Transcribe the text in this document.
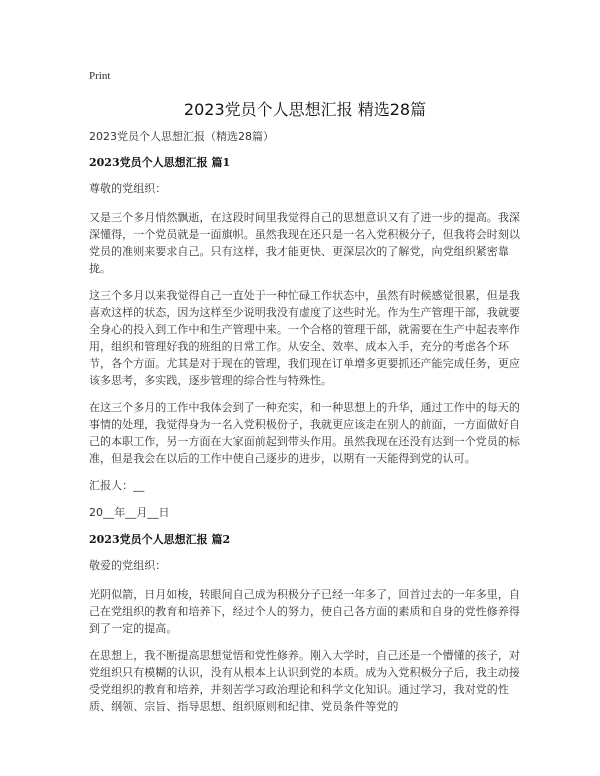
Print
2023党员个人思想汇报 精选28篇

2023党员个人思想汇报（精选28篇）

2023党员个人思想汇报 篇1

尊敬的党组织：

又是三个多月悄然飘逝，在这段时间里我觉得自己的思想意识又有了进一步的提高。我深深懂得，一个党员就是一面旗帜。虽然我现在还只是一名入党积极分子，但我将会时刻以党员的准则来要求自己。只有这样，我才能更快、更深层次的了解党，向党组织紧密靠拢。

这三个多月以来我觉得自己一直处于一种忙碌工作状态中，虽然有时候感觉很累，但是我喜欢这样的状态，因为这样至少说明我没有虚度了这些时光。作为生产管理干部，我就要全身心的投入到工作中和生产管理中来。一个合格的管理干部，就需要在生产中起表率作用，组织和管理好我的班组的日常工作。从安全、效率、成本入手，充分的考虑各个环节，各个方面。尤其是对于现在的管理，我们现在订单增多更要抓还产能完成任务，更应该多思考，多实践，逐步管理的综合性与特殊性。

在这三个多月的工作中我体会到了一种充实，和一种思想上的升华，通过工作中的每天的事情的处理，我觉得身为一名入党积极份子，我就更应该走在别人的前面，一方面做好自己的本职工作，另一方面在大家面前起到带头作用。虽然我现在还没有达到一个党员的标准，但是我会在以后的工作中使自己逐步的进步，以期有一天能得到党的认可。

汇报人：__

20__年__月__日

2023党员个人思想汇报 篇2

敬爱的党组织：

光阴似箭，日月如梭，转眼间自己成为积极分子已经一年多了，回首过去的一年多里，自己在党组织的教育和培养下，经过个人的努力，使自己各方面的素质和自身的党性修养得到了一定的提高。

在思想上，我不断提高思想觉悟和党性修养。刚入大学时，自己还是一个懵懂的孩子，对党组织只有模糊的认识，没有从根本上认识到党的本质。成为入党积极分子后，我主动接受党组织的教育和培养，并刻苦学习政治理论和科学文化知识。通过学习，我对党的性质、纲领、宗旨、指导思想、组织原则和纪律、党员条件等党的
